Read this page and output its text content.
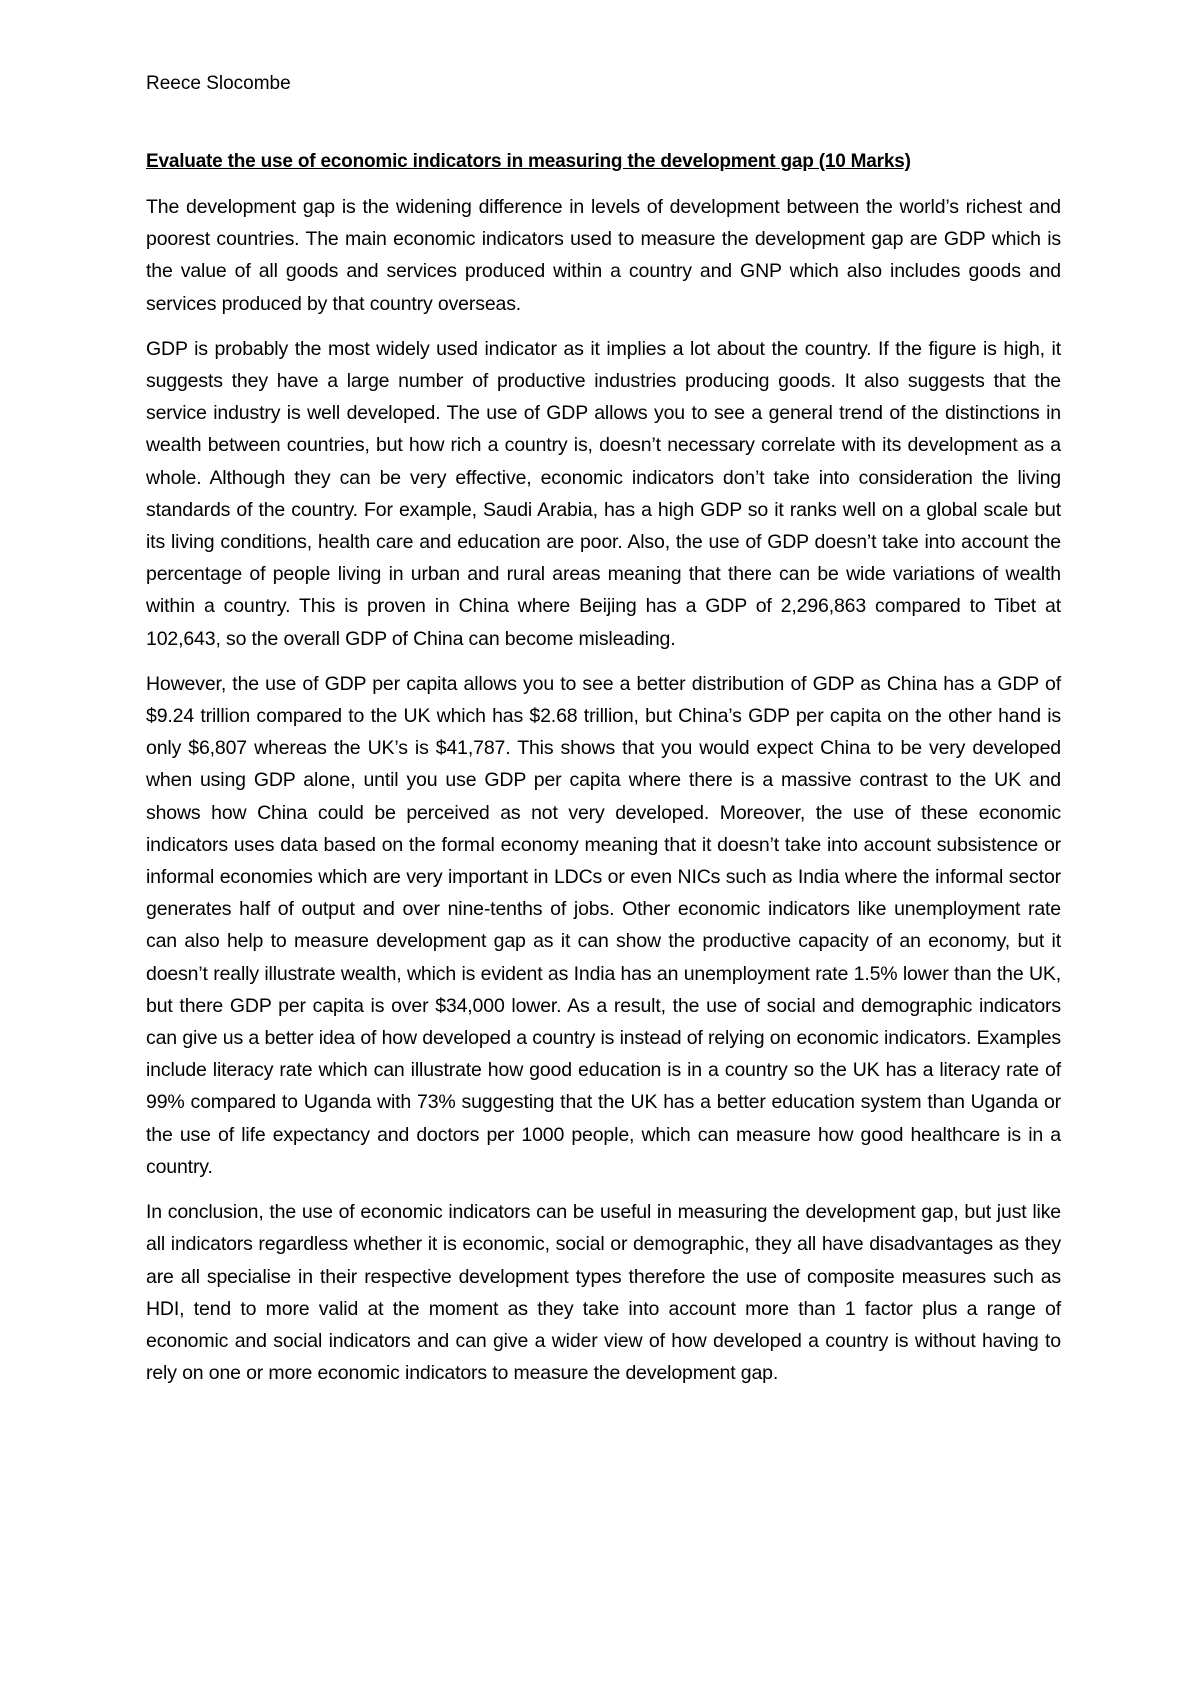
Reece Slocombe
Evaluate the use of economic indicators in measuring the development gap (10 Marks)

The development gap is the widening difference in levels of development between the world’s richest and poorest countries. The main economic indicators used to measure the development gap are GDP which is the value of all goods and services produced within a country and GNP which also includes goods and services produced by that country overseas.

GDP is probably the most widely used indicator as it implies a lot about the country. If the figure is high, it suggests they have a large number of productive industries producing goods. It also suggests that the service industry is well developed. The use of GDP allows you to see a general trend of the distinctions in wealth between countries, but how rich a country is, doesn’t necessary correlate with its development as a whole. Although they can be very effective, economic indicators don’t take into consideration the living standards of the country. For example, Saudi Arabia, has a high GDP so it ranks well on a global scale but its living conditions, health care and education are poor. Also, the use of GDP doesn’t take into account the percentage of people living in urban and rural areas meaning that there can be wide variations of wealth within a country. This is proven in China where Beijing has a GDP of 2,296,863 compared to Tibet at 102,643, so the overall GDP of China can become misleading.

However, the use of GDP per capita allows you to see a better distribution of GDP as China has a GDP of $9.24 trillion compared to the UK which has $2.68 trillion, but China’s GDP per capita on the other hand is only $6,807 whereas the UK’s is $41,787. This shows that you would expect China to be very developed when using GDP alone, until you use GDP per capita where there is a massive contrast to the UK and shows how China could be perceived as not very developed. Moreover, the use of these economic indicators uses data based on the formal economy meaning that it doesn’t take into account subsistence or informal economies which are very important in LDCs or even NICs such as India where the informal sector generates half of output and over nine-tenths of jobs. Other economic indicators like unemployment rate can also help to measure development gap as it can show the productive capacity of an economy, but it doesn’t really illustrate wealth, which is evident as India has an unemployment rate 1.5% lower than the UK, but there GDP per capita is over $34,000 lower. As a result, the use of social and demographic indicators can give us a better idea of how developed a country is instead of relying on economic indicators. Examples include literacy rate which can illustrate how good education is in a country so the UK has a literacy rate of 99% compared to Uganda with 73% suggesting that the UK has a better education system than Uganda or the use of life expectancy and doctors per 1000 people, which can measure how good healthcare is in a country.

In conclusion, the use of economic indicators can be useful in measuring the development gap, but just like all indicators regardless whether it is economic, social or demographic, they all have disadvantages as they are all specialise in their respective development types therefore the use of composite measures such as HDI, tend to more valid at the moment as they take into account more than 1 factor plus a range of economic and social indicators and can give a wider view of how developed a country is without having to rely on one or more economic indicators to measure the development gap.
